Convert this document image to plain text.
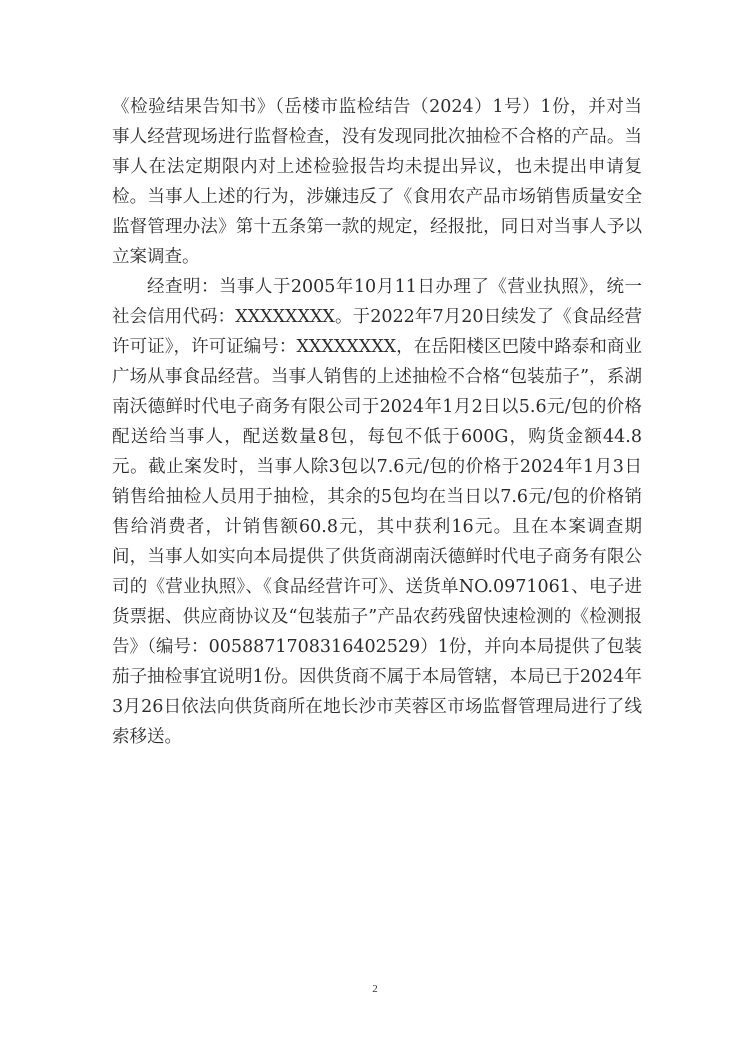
《检验结果告知书》（岳楼市监检结告（2024）1号）1份，并对当事人经营现场进行监督检查，没有发现同批次抽检不合格的产品。当事人在法定期限内对上述检验报告均未提出异议，也未提出申请复检。当事人上述的行为，涉嫌违反了《食用农产品市场销售质量安全监督管理办法》第十五条第一款的规定，经报批，同日对当事人予以立案调查。

经查明：当事人于2005年10月11日办理了《营业执照》，统一社会信用代码：XXXXXXXX。于2022年7月20日续发了《食品经营许可证》，许可证编号：XXXXXXXX，在岳阳楼区巴陵中路泰和商业广场从事食品经营。当事人销售的上述抽检不合格“包装茄子”，系湖南沃德鲜时代电子商务有限公司于2024年1月2日以5.6元/包的价格配送给当事人，配送数量8包，每包不低于600G，购货金额44.8元。截止案发时，当事人除3包以7.6元/包的价格于2024年1月3日销售给抽检人员用于抽检，其余的5包均在当日以7.6元/包的价格销售给消费者，计销售额60.8元，其中获利16元。且在本案调查期间，当事人如实向本局提供了供货商湖南沃德鲜时代电子商务有限公司的《营业执照》、《食品经营许可》、送货单NO.0971061、电子进货票据、供应商协议及“包装茄子”产品农药残留快速检测的《检测报告》（编号：0058871708316402529）1份，并向本局提供了包装茄子抽检事宜说明1份。因供货商不属于本局管辖，本局已于2024年3月26日依法向供货商所在地长沙市芙蓉区市场监督管理局进行了线索移送。

2
